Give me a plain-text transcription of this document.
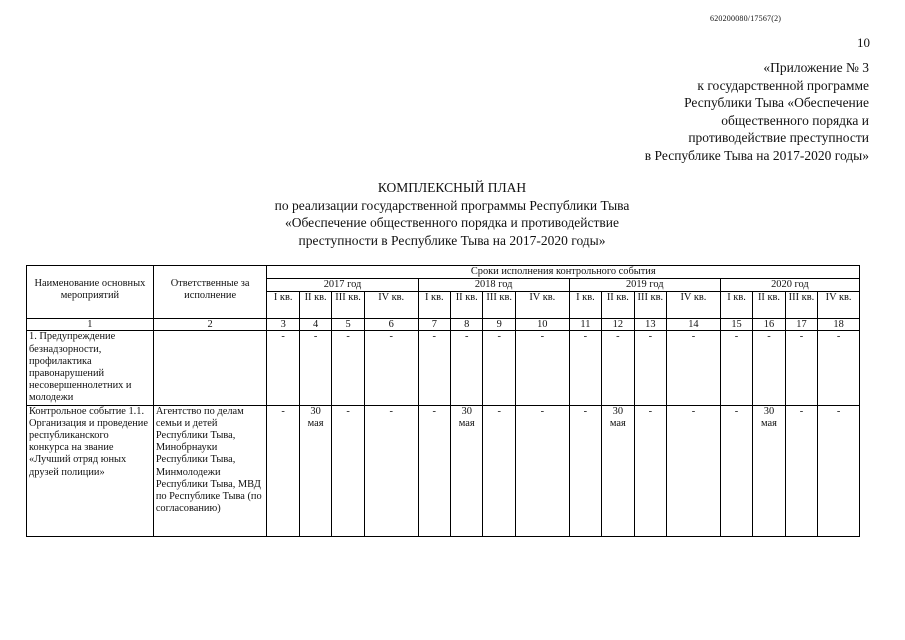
620200080/17567(2)
10
«Приложение № 3
к государственной программе
Республики Тыва «Обеспечение
общественного порядка и
противодействие преступности
в Республике Тыва на 2017-2020 годы»
КОМПЛЕКСНЫЙ ПЛАН
по реализации государственной программы Республики Тыва
«Обеспечение общественного порядка и противодействие
преступности в Республике Тыва на 2017-2020 годы»
Наименование основных мероприятий	Ответственные за исполнение	Сроки исполнения контрольного события															
		2017 год				2018 год				2019 год				2020 год			
		I кв.	II кв.	III кв.	IV кв.	I кв.	II кв.	III кв.	IV кв.	I кв.	II кв.	III кв.	IV кв.	I кв.	II кв.	III кв.	IV кв.
1	2	3	4	5	6	7	8	9	10	11	12	13	14	15	16	17	18
1. Предупреждение безнадзорности, профилактика правонарушений несовершеннолетних и молодежи		-	-	-	-	-	-	-	-	-	-	-	-	-	-	-	-
Контрольное событие 1.1. Организация и проведение республиканского конкурса на звание «Лучший отряд юных друзей полиции»	Агентство по делам семьи и детей Республики Тыва, Минобрнауки Республики Тыва, Минмолодежи Республики Тыва, МВД по Республике Тыва (по согласованию)	-	30 мая	-	-	-	30 мая	-	-	-	30 мая	-	-	-	30 мая	-	-
